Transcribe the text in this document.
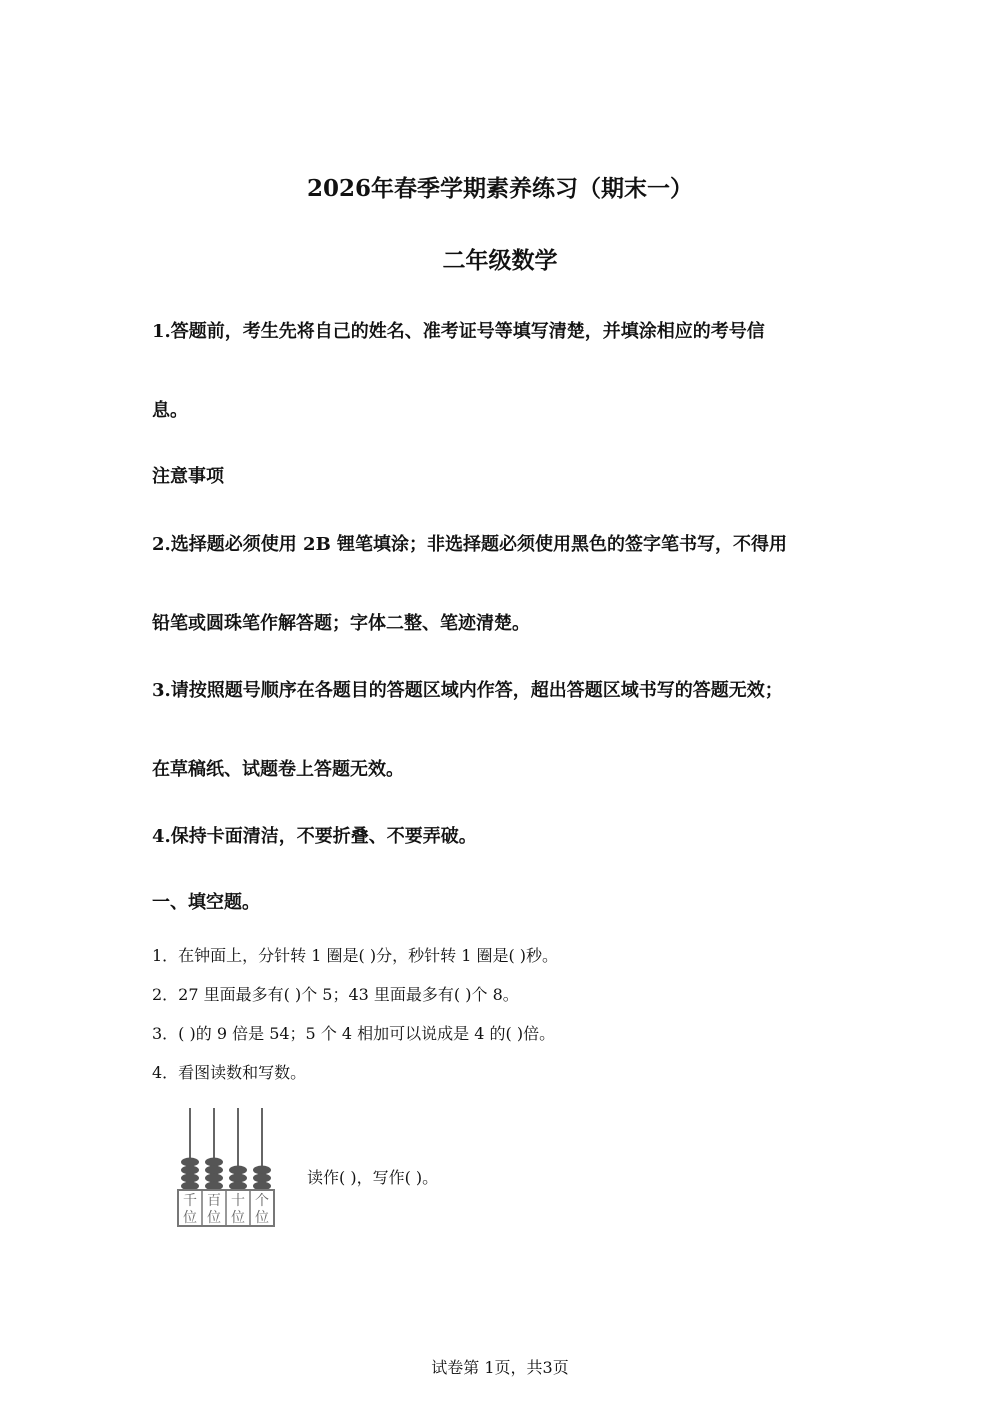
2026年春季学期素养练习（期末一）
二年级数学
1.答题前，考生先将自己的姓名、准考证号等填写清楚，并填涂相应的考号信
息。
注意事项
2.选择题必须使用 2B 锂笔填涂；非选择题必须使用黑色的签字笔书写，不得用
铅笔或圆珠笔作解答题；字体二整、笔迹清楚。
3.请按照题号顺序在各题目的答题区域内作答，超出答题区域书写的答题无效；
在草稿纸、试题卷上答题无效。
4.保持卡面清洁，不要折叠、不要弄破。
一、填空题。
1．在钟面上，分针转 1 圈是( )分，秒针转 1 圈是( )秒。
2．27 里面最多有( )个 5；43 里面最多有( )个 8。
3．( )的 9 倍是 54；5 个 4 相加可以说成是 4 的( )倍。
4．看图读数和写数。
千
位
百
位
十
位
个
位
读作( )，写作( )。
试卷第 1页，共3页
